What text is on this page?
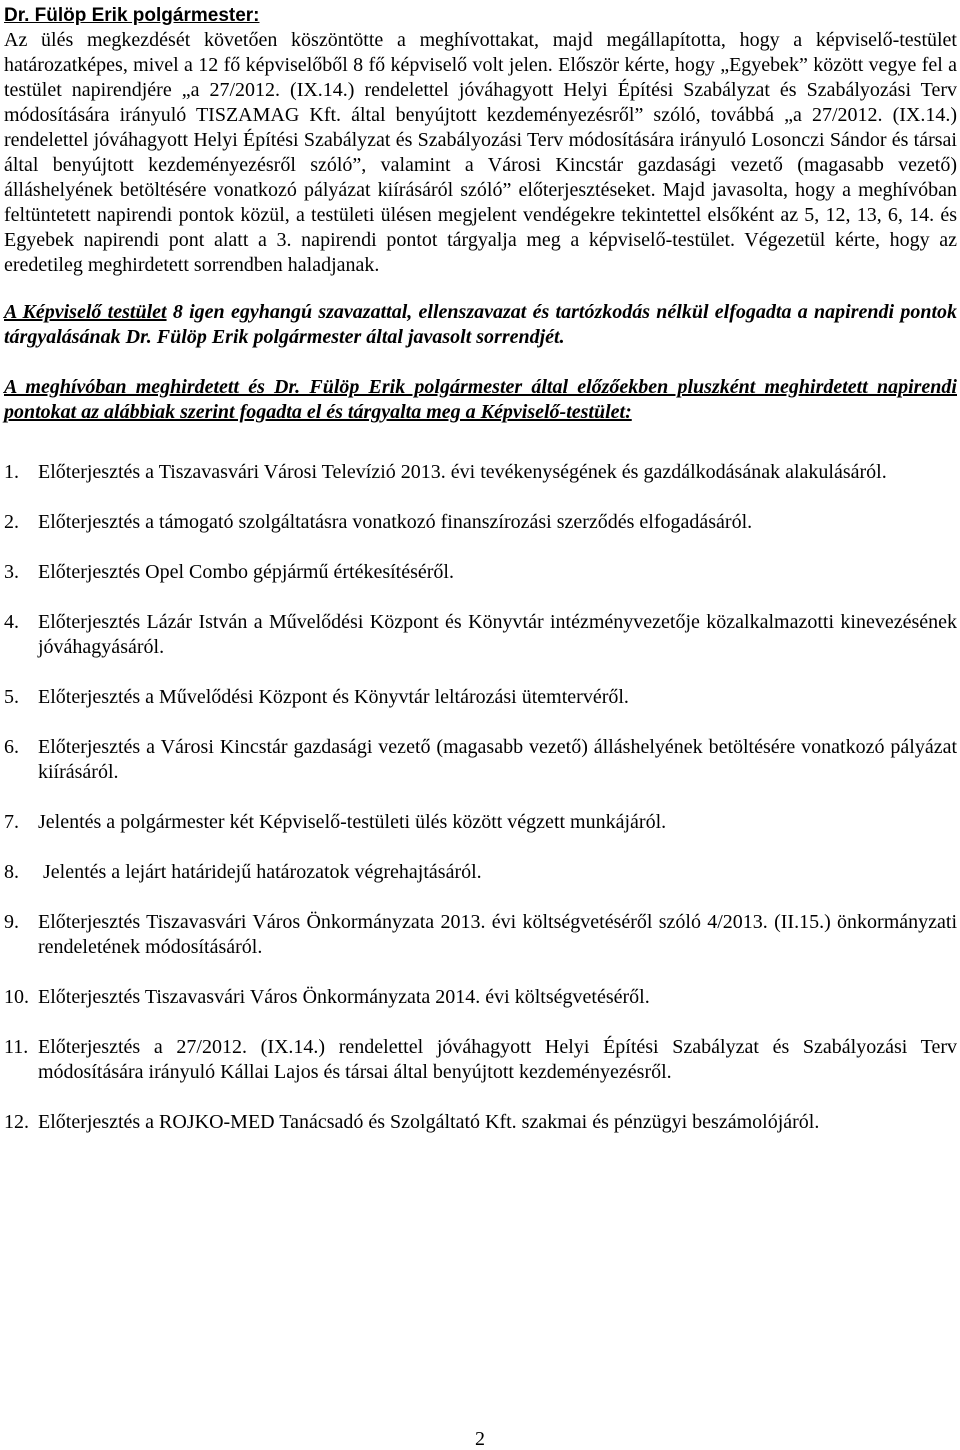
Dr. Fülöp Erik polgármester:

Az ülés megkezdését követően köszöntötte a meghívottakat, majd megállapította, hogy a képviselő-testület határozatképes, mivel a 12 fő képviselőből 8 fő képviselő volt jelen. Először kérte, hogy „Egyebek” között vegye fel a testület napirendjére „a 27/2012. (IX.14.) rendelettel jóváhagyott Helyi Építési Szabályzat és Szabályozási Terv módosítására irányuló TISZAMAG Kft. által benyújtott kezdeményezésről” szóló, továbbá „a 27/2012. (IX.14.) rendelettel jóváhagyott Helyi Építési Szabályzat és Szabályozási Terv módosítására irányuló Losonczi Sándor és társai által benyújtott kezdeményezésről szóló”, valamint a Városi Kincstár gazdasági vezető (magasabb vezető) álláshelyének betöltésére vonatkozó pályázat kiírásáról szóló” előterjesztéseket. Majd javasolta, hogy a meghívóban feltüntetett napirendi pontok közül, a testületi ülésen megjelent vendégekre tekintettel elsőként az 5, 12, 13, 6, 14. és Egyebek napirendi pont alatt a 3. napirendi pontot tárgyalja meg a képviselő-testület. Végezetül kérte, hogy az eredetileg meghirdetett sorrendben haladjanak.

A Képviselő testület 8 igen egyhangú szavazattal, ellenszavazat és tartózkodás nélkül elfogadta a napirendi pontok tárgyalásának Dr. Fülöp Erik polgármester által javasolt sorrendjét.

A meghívóban meghirdetett és Dr. Fülöp Erik polgármester által előzőekben pluszként meghirdetett napirendi pontokat az alábbiak szerint fogadta el és tárgyalta meg a Képviselő-testület:

1. Előterjesztés a Tiszavasvári Városi Televízió 2013. évi tevékenységének és gazdálkodásának alakulásáról.
2. Előterjesztés a támogató szolgáltatásra vonatkozó finanszírozási szerződés elfogadásáról.
3. Előterjesztés Opel Combo gépjármű értékesítéséről.
4. Előterjesztés Lázár István a Művelődési Központ és Könyvtár intézményvezetője közalkalmazotti kinevezésének jóváhagyásáról.
5. Előterjesztés a Művelődési Központ és Könyvtár leltározási ütemtervéről.
6. Előterjesztés a Városi Kincstár gazdasági vezető (magasabb vezető) álláshelyének betöltésére vonatkozó pályázat kiírásáról.
7. Jelentés a polgármester két Képviselő-testületi ülés között végzett munkájáról.
8. Jelentés a lejárt határidejű határozatok végrehajtásáról.
9. Előterjesztés Tiszavasvári Város Önkormányzata 2013. évi költségvetéséről szóló 4/2013. (II.15.) önkormányzati rendeletének módosításáról.
10. Előterjesztés Tiszavasvári Város Önkormányzata 2014. évi költségvetéséről.
11. Előterjesztés a 27/2012. (IX.14.) rendelettel jóváhagyott Helyi Építési Szabályzat és Szabályozási Terv módosítására irányuló Kállai Lajos és társai által benyújtott kezdeményezésről.
12. Előterjesztés a ROJKO-MED Tanácsadó és Szolgáltató Kft. szakmai és pénzügyi beszámolójáról.
2
